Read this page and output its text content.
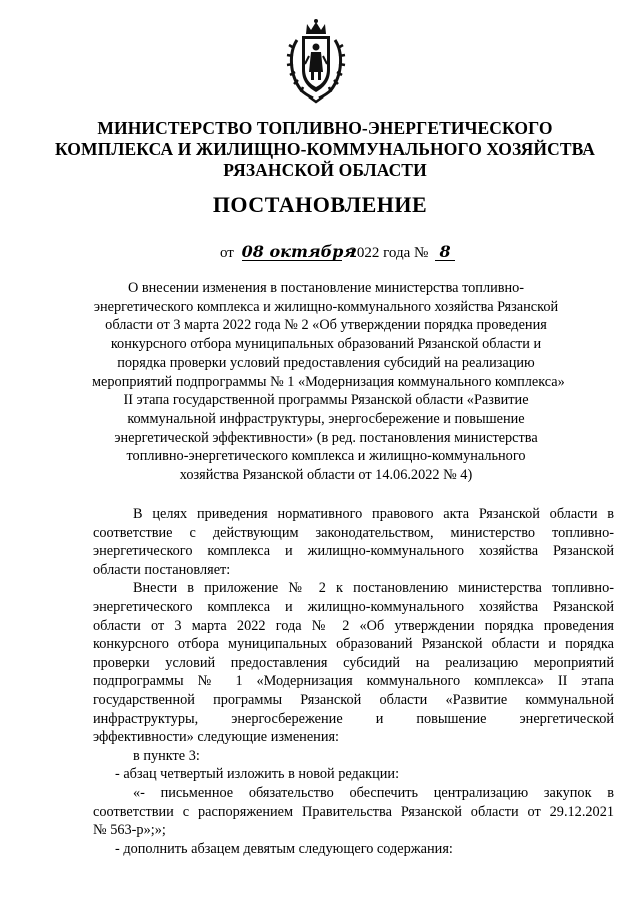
МИНИСТЕРСТВО ТОПЛИВНО-ЭНЕРГЕТИЧЕСКОГО
КОМПЛЕКСА И ЖИЛИЩНО-КОММУНАЛЬНОГО ХОЗЯЙСТВА
РЯЗАНСКОЙ ОБЛАСТИ
ПОСТАНОВЛЕНИЕ
от 08 октября 2022 года № 8
О внесении изменения в постановление министерства топливно-
энергетического комплекса и жилищно-коммунального хозяйства Рязанской
области от 3 марта 2022 года № 2 «Об утверждении порядка проведения
конкурсного отбора муниципальных образований Рязанской области и
порядка проверки условий предоставления субсидий на реализацию
мероприятий подпрограммы № 1 «Модернизация коммунального комплекса»
II этапа государственной программы Рязанской области «Развитие
коммунальной инфраструктуры, энергосбережение и повышение
энергетической эффективности» (в ред. постановления министерства
топливно-энергетического комплекса и жилищно-коммунального
хозяйства Рязанской области от 14.06.2022 № 4)
В целях приведения нормативного правового акта Рязанской области в
соответствие с действующим законодательством, министерство топливно-
энергетического комплекса и жилищно-коммунального хозяйства Рязанской
области постановляет:
Внести в приложение № 2 к постановлению министерства топливно-
энергетического комплекса и жилищно-коммунального хозяйства Рязанской
области от 3 марта 2022 года № 2 «Об утверждении порядка проведения
конкурсного отбора муниципальных образований Рязанской области и порядка
проверки условий предоставления субсидий на реализацию мероприятий
подпрограммы № 1 «Модернизация коммунального комплекса» II этапа
государственной программы Рязанской области «Развитие коммунальной
инфраструктуры, энергосбережение и повышение энергетической
эффективности» следующие изменения:
в пункте 3:
- абзац четвертый изложить в новой редакции:
«- письменное обязательство обеспечить централизацию закупок в
соответствии с распоряжением Правительства Рязанской области от 29.12.2021
№ 563-р»;»;
- дополнить абзацем девятым следующего содержания:
